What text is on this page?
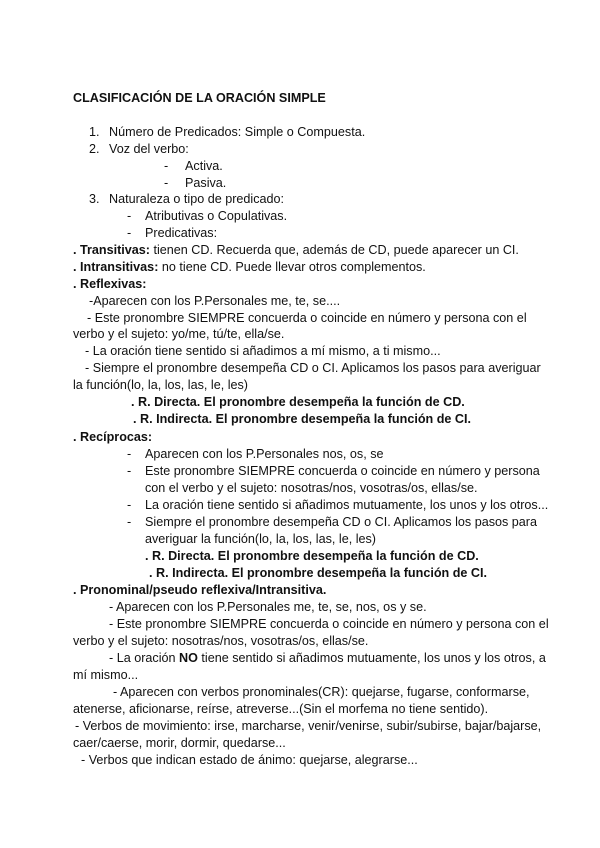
CLASIFICACIÓN DE LA ORACIÓN SIMPLE
1. Número de Predicados: Simple o Compuesta.
2. Voz del verbo:
- Activa.
- Pasiva.
3. Naturaleza o tipo de predicado:
- Atributivas o Copulativas.
- Predicativas:
. Transitivas: tienen CD. Recuerda que, además de CD, puede aparecer un CI.
. Intransitivas: no tiene CD. Puede llevar otros complementos.
. Reflexivas:
-Aparecen con los P.Personales me, te, se....
- Este pronombre SIEMPRE concuerda o coincide en número y persona con el
verbo y el sujeto: yo/me, tú/te, ella/se.
- La oración tiene sentido si añadimos a mí mismo, a ti mismo...
- Siempre el pronombre desempeña CD o CI. Aplicamos los pasos para averiguar
la función(lo, la, los, las, le, les)
. R. Directa. El pronombre desempeña la función de CD.
. R. Indirecta. El pronombre desempeña la función de CI.
. Recíprocas:
- Aparecen con los P.Personales nos, os, se
- Este pronombre SIEMPRE concuerda o coincide en número y persona
con el verbo y el sujeto: nosotras/nos, vosotras/os, ellas/se.
- La oración tiene sentido si añadimos mutuamente, los unos y los otros...
- Siempre el pronombre desempeña CD o CI. Aplicamos los pasos para
averiguar la función(lo, la, los, las, le, les)
. R. Directa. El pronombre desempeña la función de CD.
. R. Indirecta. El pronombre desempeña la función de CI.
. Pronominal/pseudo reflexiva/Intransitiva.
- Aparecen con los P.Personales me, te, se, nos, os y se.
- Este pronombre SIEMPRE concuerda o coincide en número y persona con el
verbo y el sujeto: nosotras/nos, vosotras/os, ellas/se.
- La oración NO tiene sentido si añadimos mutuamente, los unos y los otros, a
mí mismo...
- Aparecen con verbos pronominales(CR): quejarse, fugarse, conformarse,
atenerse, aficionarse, reírse, atreverse...(Sin el morfema no tiene sentido).
- Verbos de movimiento: irse, marcharse, venir/venirse, subir/subirse, bajar/bajarse,
caer/caerse, morir, dormir, quedarse...
- Verbos que indican estado de ánimo: quejarse, alegrarse...
